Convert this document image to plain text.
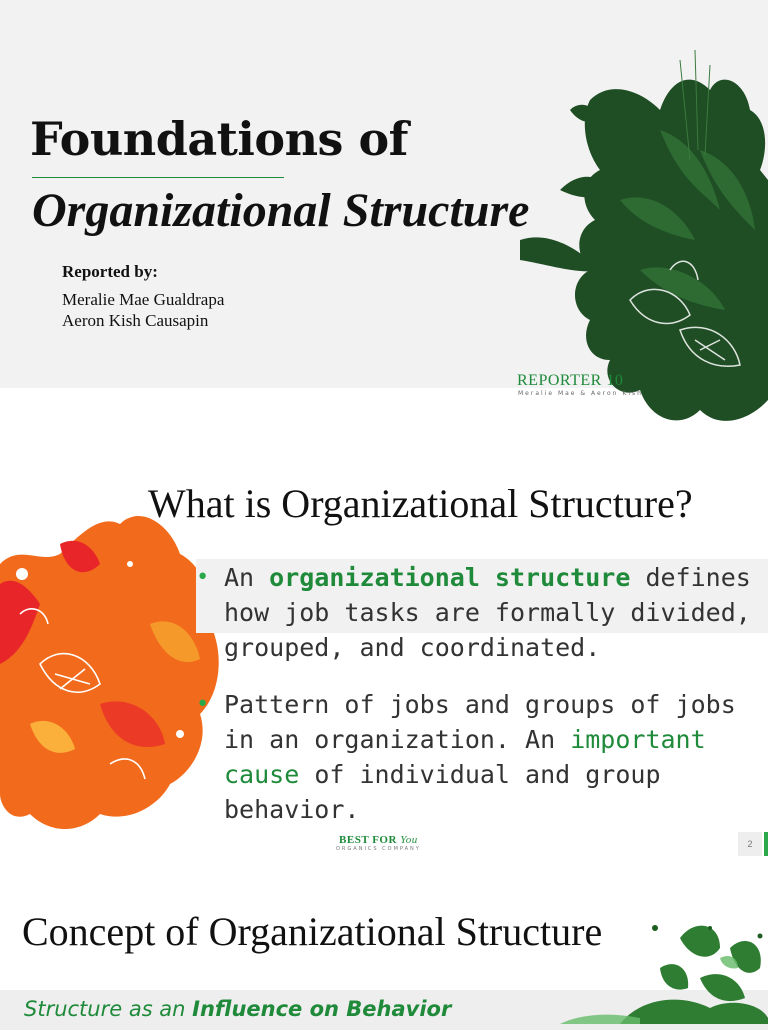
Foundations of
Organizational Structure
Reported by:
Meralie Mae Gualdrapa
Aeron Kish Causapin
REPORTER 10
Meralie Mae & Aeron Kish
What is Organizational Structure?
• An organizational structure defines how job tasks are formally divided, grouped, and coordinated.
• Pattern of jobs and groups of jobs in an organization. An important cause of individual and group behavior.
BEST FOR You
ORGANICS COMPANY	2
Concept of Organizational Structure
Structure as an Influence on Behavior
